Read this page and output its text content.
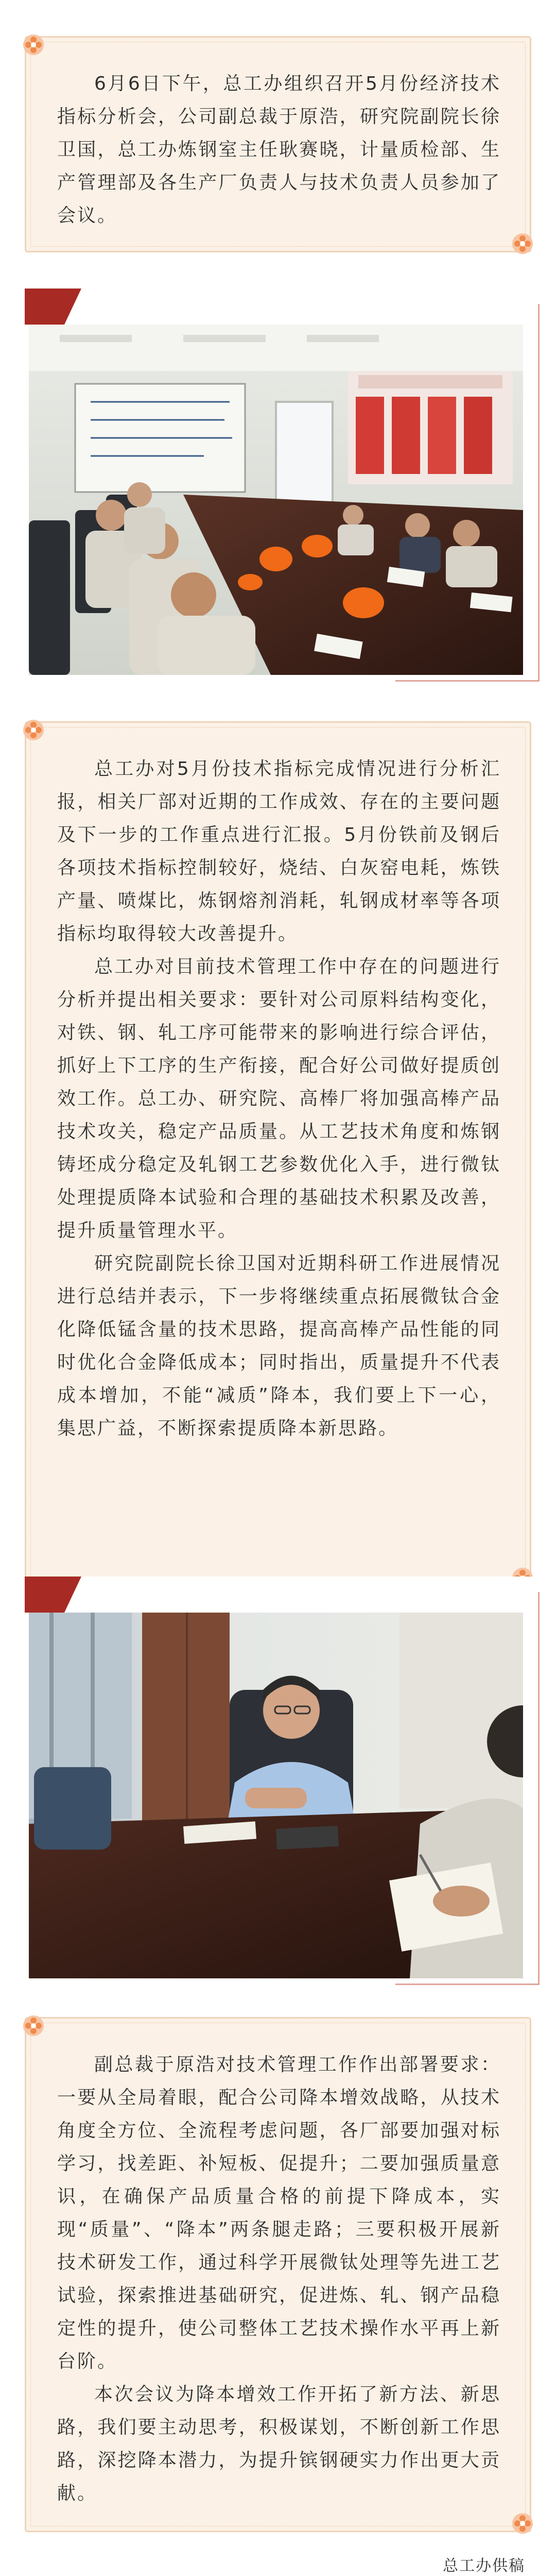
6月6日下午，总工办组织召开5月份经济技术指标分析会，公司副总裁于原浩，研究院副院长徐卫国，总工办炼钢室主任耿赛晓，计量质检部、生产管理部及各生产厂负责人与技术负责人员参加了会议。

总工办对5月份技术指标完成情况进行分析汇报，相关厂部对近期的工作成效、存在的主要问题及下一步的工作重点进行汇报。5月份铁前及钢后各项技术指标控制较好，烧结、白灰窑电耗，炼铁产量、喷煤比，炼钢熔剂消耗，轧钢成材率等各项指标均取得较大改善提升。

总工办对目前技术管理工作中存在的问题进行分析并提出相关要求：要针对公司原料结构变化，对铁、钢、轧工序可能带来的影响进行综合评估，抓好上下工序的生产衔接，配合好公司做好提质创效工作。总工办、研究院、高棒厂将加强高棒产品技术攻关，稳定产品质量。从工艺技术角度和炼钢铸坯成分稳定及轧钢工艺参数优化入手，进行微钛处理提质降本试验和合理的基础技术积累及改善，提升质量管理水平。

研究院副院长徐卫国对近期科研工作进展情况进行总结并表示，下一步将继续重点拓展微钛合金化降低锰含量的技术思路，提高高棒产品性能的同时优化合金降低成本；同时指出，质量提升不代表成本增加，不能“减质”降本，我们要上下一心，集思广益，不断探索提质降本新思路。

副总裁于原浩对技术管理工作作出部署要求：一要从全局着眼，配合公司降本增效战略，从技术角度全方位、全流程考虑问题，各厂部要加强对标学习，找差距、补短板、促提升；二要加强质量意识，在确保产品质量合格的前提下降成本，实现“质量”、“降本”两条腿走路；三要积极开展新技术研发工作，通过科学开展微钛处理等先进工艺试验，探索推进基础研究，促进炼、轧、钢产品稳定性的提升，使公司整体工艺技术操作水平再上新台阶。

本次会议为降本增效工作开拓了新方法、新思路，我们要主动思考，积极谋划，不断创新工作思路，深挖降本潜力，为提升镔钢硬实力作出更大贡献。

总工办供稿
